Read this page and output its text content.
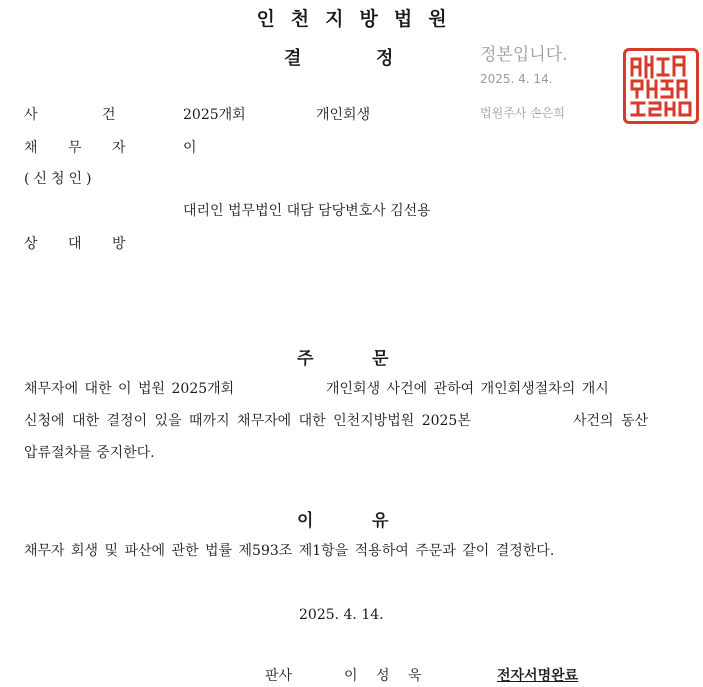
인천지방법원
결	정	정본입니다.
2025. 4. 14.
법원주사 손은희
사 건	2025개회	개인회생
채 무 자	이
(신청인)
대리인 법무법인 대담 담당변호사 김선용
상 대 방
주	문
채무자에 대한 이 법원 2025개회	개인회생 사건에 관하여 개인회생절차의 개시
신청에 대한 결정이 있을 때까지 채무자에 대한 인천지방법원 2025본	사건의 동산
압류절차를 중지한다.
이	유
채무자 회생 및 파산에 관한 법률 제593조 제1항을 적용하여 주문과 같이 결정한다.
2025. 4. 14.
판사	이 성 욱	전자서명완료
